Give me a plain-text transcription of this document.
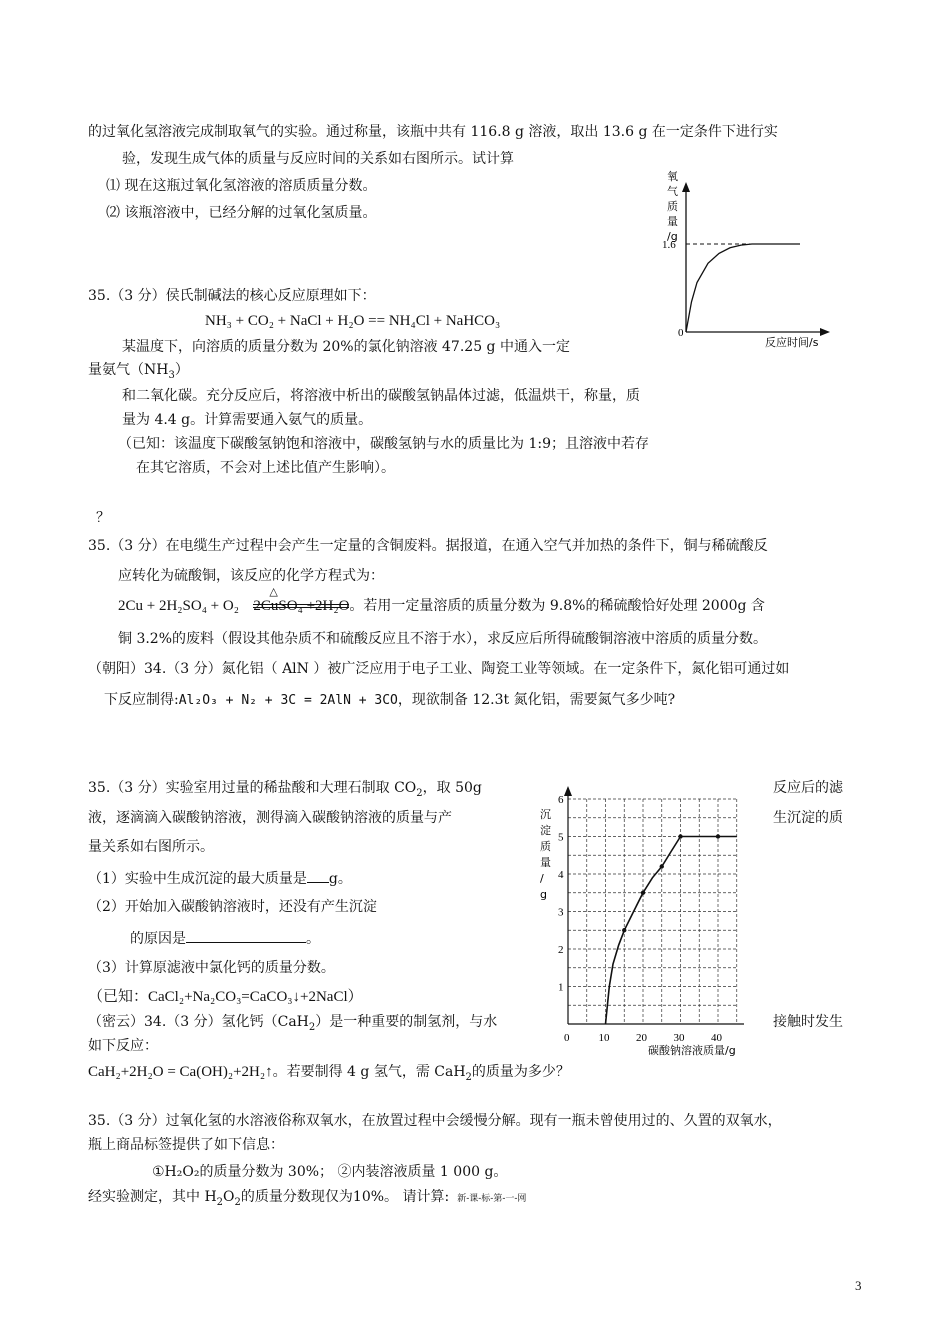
的过氧化氢溶液完成制取氧气的实验。通过称量，该瓶中共有 116.8 g 溶液，取出 13.6 g 在一定条件下进行实
验，发现生成气体的质量与反应时间的关系如右图所示。试计算
⑴ 现在这瓶过氧化氢溶液的溶质质量分数。
⑵ 该瓶溶液中，已经分解的过氧化氢质量。
氧
气
质
量
/g
1.6
0
反应时间/s
35.（3 分）侯氏制碱法的核心反应原理如下：
NH₃ + CO₂ + NaCl + H₂O == NH₄Cl + NaHCO₃
某温度下，向溶质的质量分数为 20%的氯化钠溶液 47.25 g 中通入一定
量氨气$(NH_3)$
和二氧化碳。充分反应后，将溶液中析出的碳酸氢钠晶体过滤，低温烘干，称量，质
量为 4.4 g。计算需要通入氨气的质量。
（已知：该温度下碳酸氢钠饱和溶液中，碳酸氢钠与水的质量比为 1:9；且溶液中若存
在其它溶质，不会对上述比值产生影响）。
？
35.（3 分）在电缆生产过程中会产生一定量的含铜废料。据报道，在通入空气并加热的条件下，铜与稀硫酸反
应转化为硫酸铜，该反应的化学方程式为：
2Cu + 2H₂SO₄ + O₂
△
2CuSO₄ +2H₂O。若用一定量溶质的质量分数为 9.8%的稀硫酸恰好处理 2000g 含
铜 3.2%的废料（假设其他杂质不和硫酸反应且不溶于水），求反应后所得硫酸铜溶液中溶质的质量分数。
（朝阳）34.（3 分）氮化铝（ AlN ）被广泛应用于电子工业、陶瓷工业等领域。在一定条件下，氮化铝可通过如
下反应制得:Al₂O₃ + N₂ + 3C = 2AlN + 3CO，现欲制备 12.3t 氮化铝，需要氮气多少吨?
35.（3 分）实验室用过量的稀盐酸和大理石制取 $CO_2$，取 50g	反应后的滤
液，逐滴滴入碳酸钠溶液，测得滴入碳酸钠溶液的质量与产	生沉淀的质
量关系如右图所示。
（1）实验中生成沉淀的最大质量是 g。
（2）开始加入碳酸钠溶液时，还没有产生沉淀
的原因是	。
（3）计算原滤液中氯化钙的质量分数。
（已知：CaCl₂+Na₂CO₃=CaCO₃↓+2NaCl）
沉
淀
质
量
/
g
1
2
3
4
5
6
0	10 20 30 40
碳酸钠溶液质量/g
（密云）34.（3 分）氢化钙（CaH$_2$）是一种重要的制氢剂，与水	接触时发生
如下反应：
CaH₂+2H₂O = Ca(OH)₂+2H₂↑。若要制得 4 g 氢气，需 CaH$_2$的质量为多少？
35.（3 分）过氧化氢的水溶液俗称双氧水，在放置过程中会缓慢分解。现有一瓶未曾使用过的、久置的双氧水，
瓶上商品标签提供了如下信息：
①H₂O₂的质量分数为 30%； ②内装溶液质量 1 000 g。
经实验测定，其中 $H_2O_2$的质量分数现仅为10%。 请计算: 新-课-标-第-一-网
3
